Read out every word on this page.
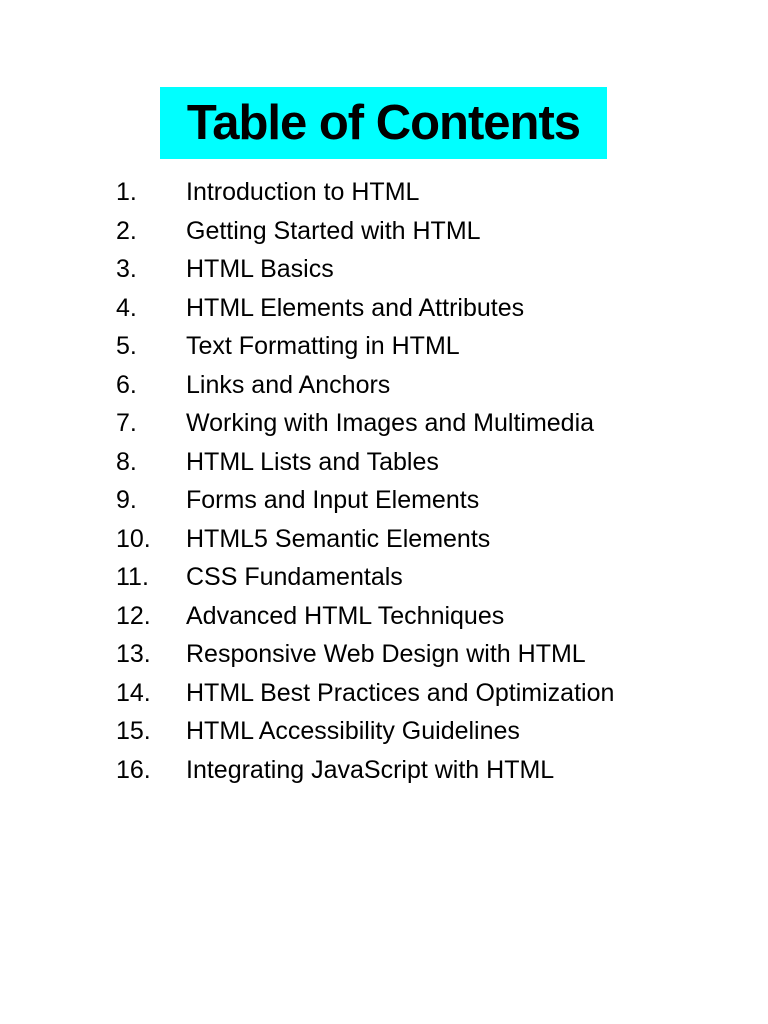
Table of Contents
1. Introduction to HTML
2. Getting Started with HTML
3. HTML Basics
4. HTML Elements and Attributes
5. Text Formatting in HTML
6. Links and Anchors
7. Working with Images and Multimedia
8. HTML Lists and Tables
9. Forms and Input Elements
10. HTML5 Semantic Elements
11. CSS Fundamentals
12. Advanced HTML Techniques
13. Responsive Web Design with HTML
14. HTML Best Practices and Optimization
15. HTML Accessibility Guidelines
16. Integrating JavaScript with HTML
